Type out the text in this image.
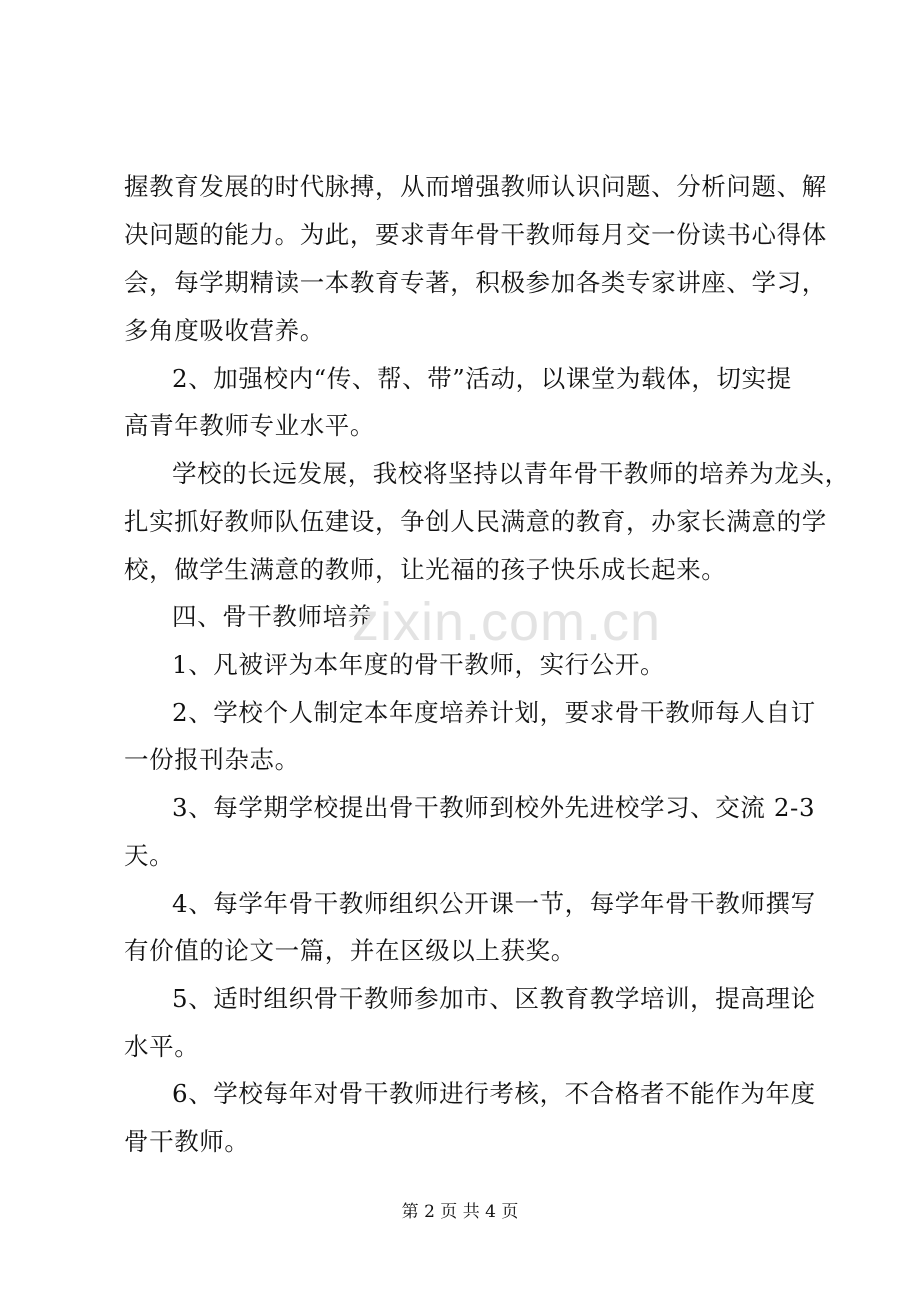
握教育发展的时代脉搏，从而增强教师认识问题、分析问题、解
决问题的能力。为此，要求青年骨干教师每月交一份读书心得体
会，每学期精读一本教育专著，积极参加各类专家讲座、学习，
多角度吸收营养。
2、加强校内“传、帮、带”活动，以课堂为载体，切实提
高青年教师专业水平。
学校的长远发展，我校将坚持以青年骨干教师的培养为龙头，
扎实抓好教师队伍建设，争创人民满意的教育，办家长满意的学
校，做学生满意的教师，让光福的孩子快乐成长起来。
四、骨干教师培养
1、凡被评为本年度的骨干教师，实行公开。
2、学校个人制定本年度培养计划，要求骨干教师每人自订
一份报刊杂志。
3、每学期学校提出骨干教师到校外先进校学习、交流 2-3
天。
4、每学年骨干教师组织公开课一节，每学年骨干教师撰写
有价值的论文一篇，并在区级以上获奖。
5、适时组织骨干教师参加市、区教育教学培训，提高理论
水平。
6、学校每年对骨干教师进行考核，不合格者不能作为年度
骨干教师。
zixin.com.cn
第 2 页 共 4 页
